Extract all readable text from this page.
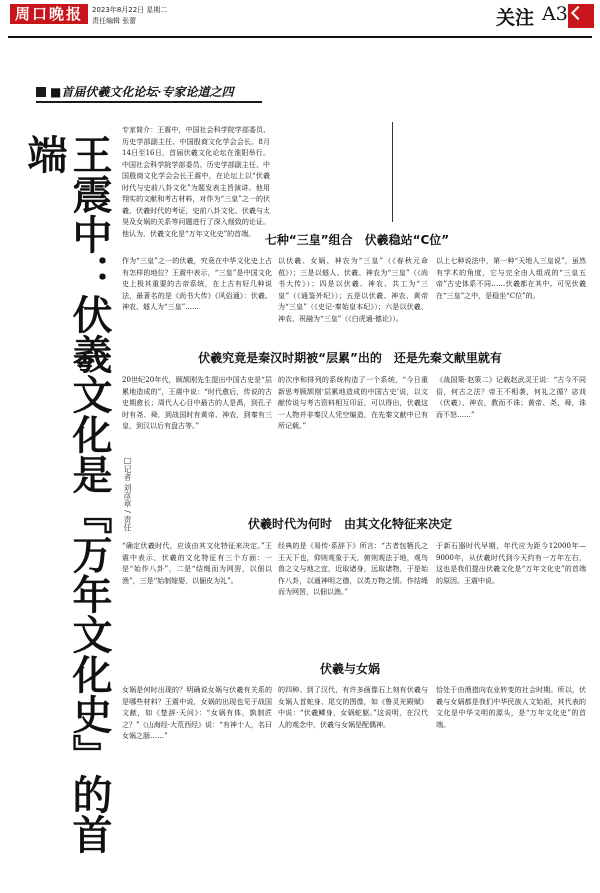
周口晚报	2023年8月22日 星期二
责任编辑 张蕾	关注 A3
■首届伏羲文化论坛·专家论道之四
王震中：伏羲文化是『万年文化史』的首端
□记者 刘彦章 / 责任
专家简介：王震中，中国社会科学院学部委员、历史学部副主任、中国殷商文化学会会长。8月14日至16日，首届伏羲文化论坛在淮阳举行。中国社会科学院学部委员、历史学部副主任、中国殷商文化学会会长王震中，在论坛上以“伏羲时代与史前八卦文化”为题发表主旨演讲。他用翔实的文献和考古材料，对作为“三皇”之一的伏羲、伏羲时代的考证，史前八卦文化、伏羲与太昊及女娲的关系等问题进行了深入细致的论证。他认为，伏羲文化是“万年文化史”的首端。 七种“三皇”组合　伏羲稳站“C位”
作为“三皇”之一的伏羲，究竟在中华文化史上占有怎样的地位？王震中表示，“三皇”是中国文化史上极其重要的古帝系统，在上古有好几种说法，最著名的是《尚书大传》《风俗通》：伏羲、神农、燧人为“三皇”……
以伏羲、女娲、神农为“三皇”（《春秋元命苞》）；三是以燧人、伏羲、神农为“三皇”（《尚书大传》）；四是以伏羲、神农、共工为“三皇”（《通鉴外纪》）；五是以伏羲、神农、黄帝为“三皇”（《史记·秦始皇本纪》）；六是以伏羲、神农、祝融为“三皇”（《白虎通·德论》）。
以上七种说法中，第一种“天地人三皇说”，虽然有学术的角度，它与完全由人组成的“三皇五帝”古史体系不同……伏羲都在其中。可见伏羲在“三皇”之中，是稳坐“C位”的。
伏羲究竟是秦汉时期被“层累”出的　还是先秦文献里就有
20世纪20年代，顾颉刚先生提出中国古史是“层累地造成的”，王震中说：“时代愈后，传说的古史期愈长；周代人心目中最古的人是禹，到孔子时有尧、舜，到战国时有黄帝、神农，到秦有三皇，到汉以后有盘古等。”
的次序和排列的系统构造了一个系统，“今日重新思考顾颉刚‘层累地造成的中国古史’说，以文献传说与考古资料相互印证，可以得出，伏羲这一人物并非秦汉人凭空编造，在先秦文献中已有所记载。”
《战国策·赵策二》记载赵武灵王说：“古今不同俗，何古之法？帝王不相袭，何礼之循？宓戏（伏羲）、神农，教而不诛；黄帝、尧、舜，诛而不怒……”
伏羲时代为何时　由其文化特征来决定
“确定伏羲时代，应该由其文化特征来决定。”王震中表示，伏羲的文化特征有三个方面：一是“始作八卦”，二是“结绳而为网罟，以佃以渔”，三是“始制嫁娶，以俪皮为礼”。
经典的是《易传·系辞下》所言：“古者包牺氏之王天下也，仰则观象于天，俯则观法于地，观鸟兽之文与地之宜，近取诸身，远取诸物，于是始作八卦，以通神明之德，以类万物之情。作结绳而为网罟，以佃以渔。”
于新石器时代早期，年代应为距今12000年—9000年，从伏羲时代到今天约有一万年左右，这也是我们提出伏羲文化是“万年文化史”的首端的原因。王震中说。
伏羲与女娲
女娲是何时出现的？明确说女娲与伏羲有关系的是哪些材料？王震中说，女娲的出现也见于战国文献，如《楚辞·天问》：“女娲有体，孰制匠之？”《山海经·大荒西经》说：“有神十人，名曰女娲之肠……”
的四种。到了汉代，有许多画像石上刻有伏羲与女娲人首蛇身、尾交的图像，如《鲁灵光殿赋》中说：“伏羲鳞身，女娲蛇躯。”这说明，在汉代人的观念中，伏羲与女娲是配偶神。
恰处于由渔猎向农业转变的社会时期。所以，伏羲与女娲都是我们中华民族人文始祖，其代表的文化是中华文明的源头，是“万年文化史”的首端。
